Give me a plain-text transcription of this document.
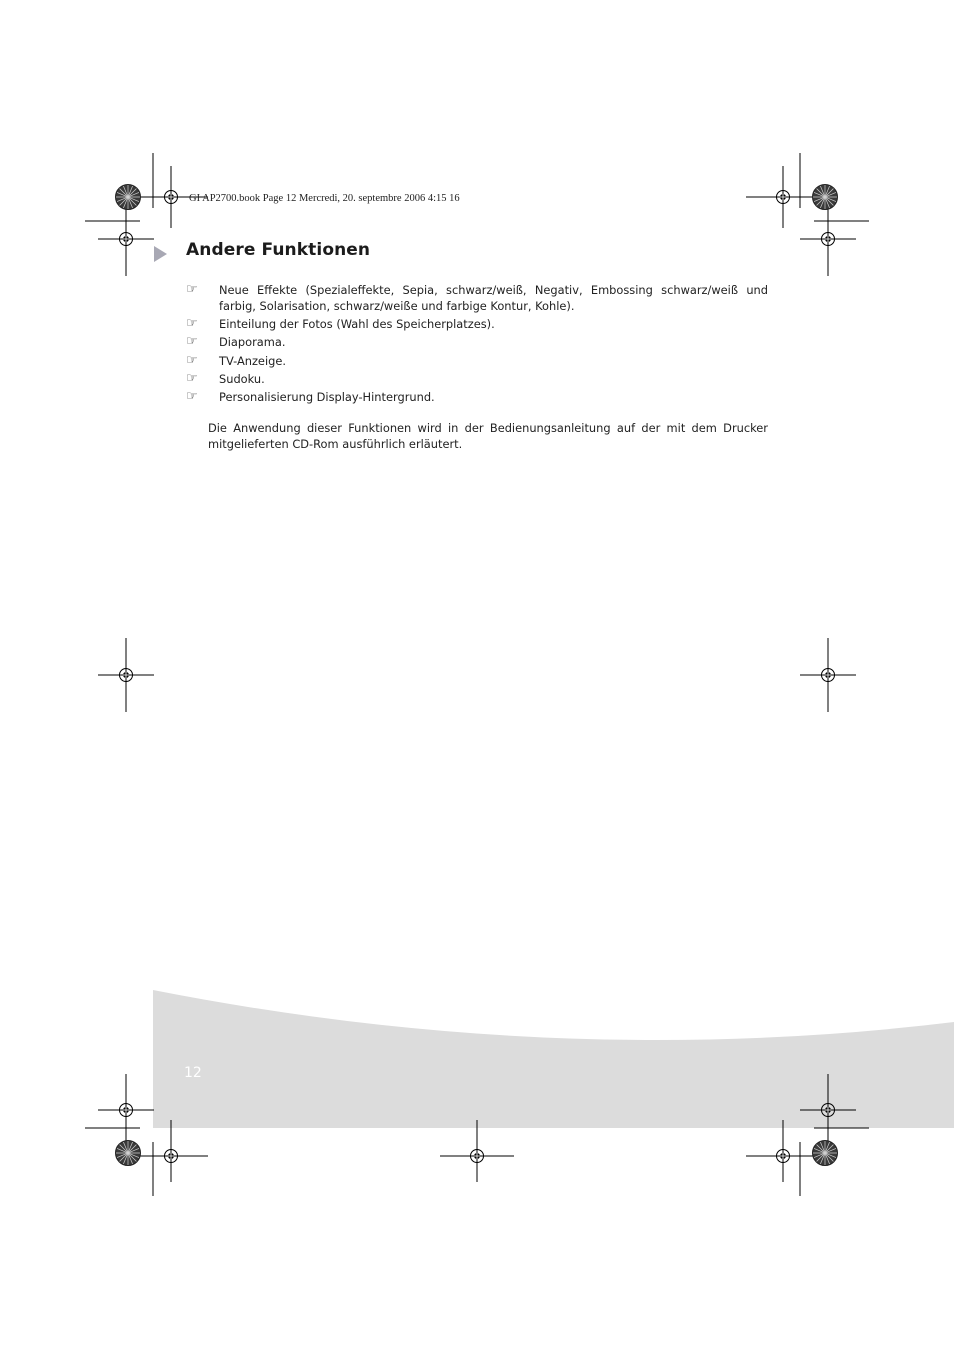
GI AP2700.book Page 12 Mercredi, 20. septembre 2006 4:15 16
Andere Funktionen
☞ Neue Effekte (Spezialeffekte, Sepia, schwarz/weiß, Negativ, Embossing schwarz/weiß und farbig, Solarisation, schwarz/weiße und farbige Kontur, Kohle).
☞ Einteilung der Fotos (Wahl des Speicherplatzes).
☞ Diaporama.
☞ TV-Anzeige.
☞ Sudoku.
☞ Personalisierung Display-Hintergrund.
Die Anwendung dieser Funktionen wird in der Bedienungsanleitung auf der mit dem Drucker mitgelieferten CD-Rom ausführlich erläutert.
12
